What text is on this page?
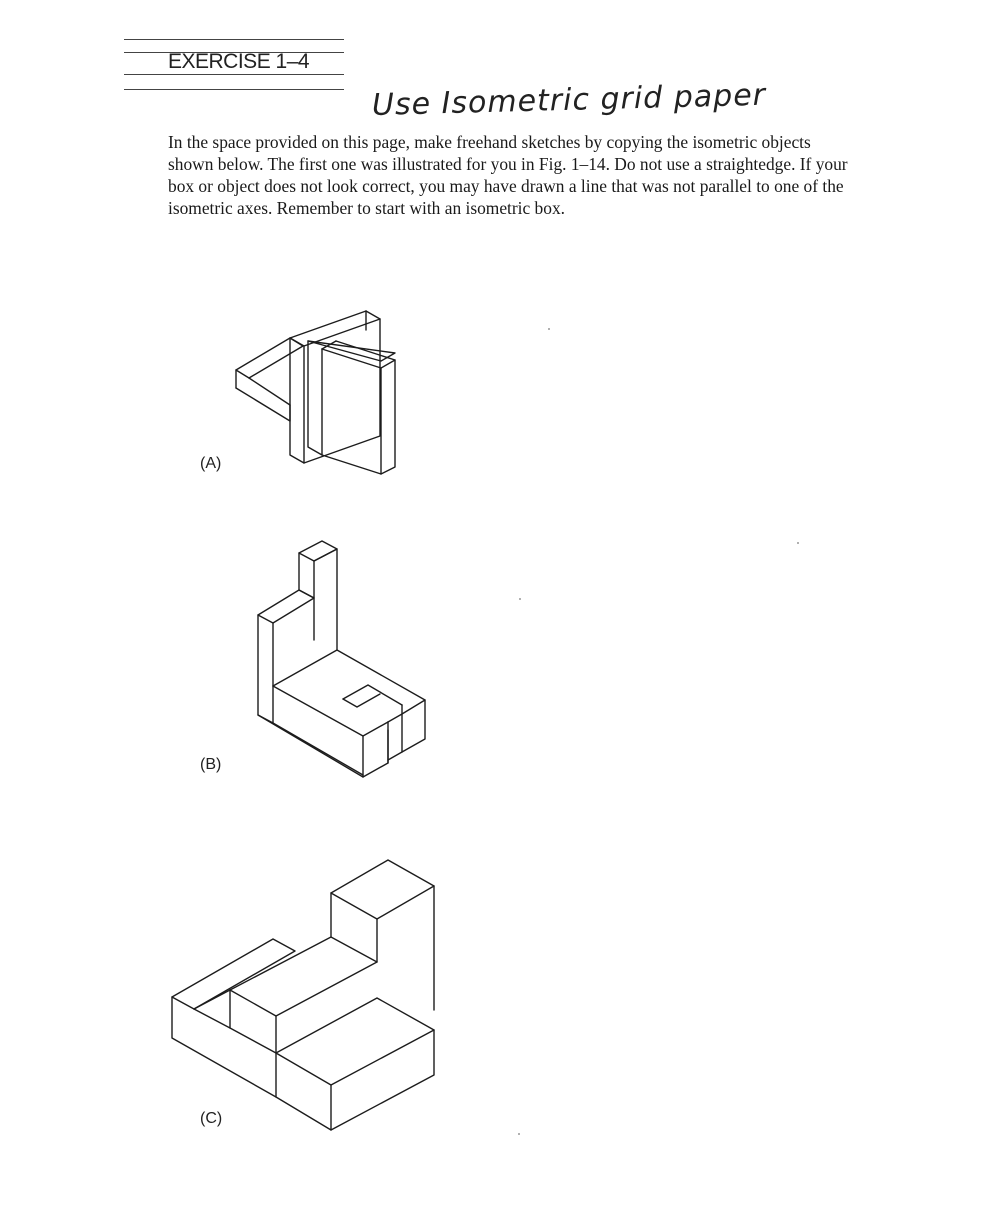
EXERCISE 1–4
Use Isometric grid paper
In the space provided on this page, make freehand sketches by copying the isometric objects shown below. The first one was illustrated for you in Fig. 1–14. Do not use a straightedge. If your box or object does not look correct, you may have drawn a line that was not parallel to one of the isometric axes. Remember to start with an isometric box.
(A)
(B)
(C)
